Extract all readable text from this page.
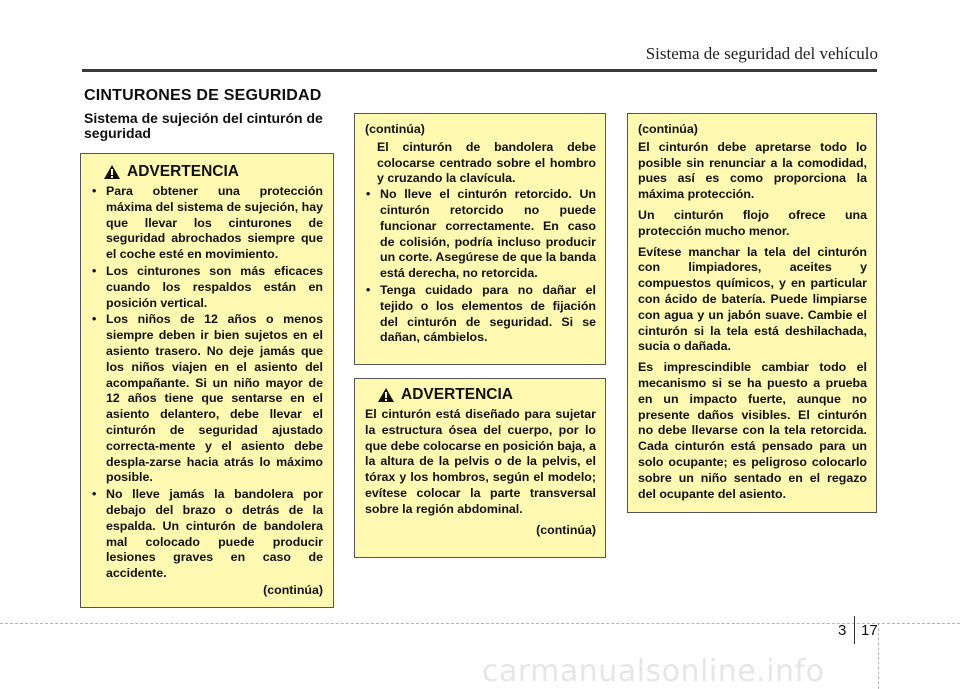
Sistema de seguridad del vehículo
CINTURONES DE SEGURIDAD
Sistema de sujeción del cinturón de seguridad
ADVERTENCIA
• Para obtener una protección máxima del sistema de sujeción, hay que llevar los cinturones de seguridad abrochados siempre que el coche esté en movimiento.
• Los cinturones son más eficaces cuando los respaldos están en posición vertical.
• Los niños de 12 años o menos siempre deben ir bien sujetos en el asiento trasero. No deje jamás que los niños viajen en el asiento del acompañante. Si un niño mayor de 12 años tiene que sentarse en el asiento delantero, debe llevar el cinturón de seguridad ajustado correcta-mente y el asiento debe despla-zarse hacia atrás lo máximo posible.
• No lleve jamás la bandolera por debajo del brazo o detrás de la espalda. Un cinturón de bandolera mal colocado puede producir lesiones graves en caso de accidente.
(continúa)
(continúa)
El cinturón de bandolera debe colocarse centrado sobre el hombro y cruzando la clavícula.
• No lleve el cinturón retorcido. Un cinturón retorcido no puede funcionar correctamente. En caso de colisión, podría incluso producir un corte. Asegúrese de que la banda está derecha, no retorcida.
• Tenga cuidado para no dañar el tejido o los elementos de fijación del cinturón de seguridad. Si se dañan, cámbielos.
ADVERTENCIA

El cinturón está diseñado para sujetar la estructura ósea del cuerpo, por lo que debe colocarse en posición baja, a la altura de la pelvis o de la pelvis, el tórax y los hombros, según el modelo; evítese colocar la parte transversal sobre la región abdominal.

(continúa)
(continúa)

El cinturón debe apretarse todo lo posible sin renunciar a la comodidad, pues así es como proporciona la máxima protección.

Un cinturón flojo ofrece una protección mucho menor.

Evítese manchar la tela del cinturón con limpiadores, aceites y compuestos químicos, y en particular con ácido de batería. Puede limpiarse con agua y un jabón suave. Cambie el cinturón si la tela está deshilachada, sucia o dañada.

Es imprescindible cambiar todo el mecanismo si se ha puesto a prueba en un impacto fuerte, aunque no presente daños visibles. El cinturón no debe llevarse con la tela retorcida. Cada cinturón está pensado para un solo ocupante; es peligroso colocarlo sobre un niño sentado en el regazo del ocupante del asiento.

3 17
carmanualsonline.info
